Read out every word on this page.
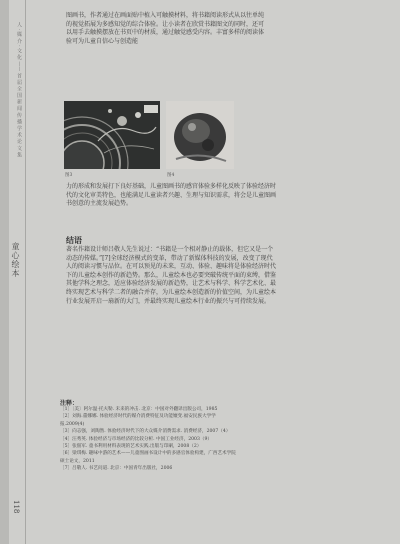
人 · 媒 介 · 文 化 —— 首 届 全 国 新 闻 传 播 学 术 论 文 集
童心绘本
118
图画书，作者通过在画面贴中植入可触摸材料，将书籍阅读形式从以往单纯的视觉拓展为多感知觉的综合体验。让小读者在欣赏书籍图文的同时，还可以用手去触摸摆放在书页中的材质，通过触觉感受内容。丰富多样的阅读体验可为儿童自信心与创造能
图3	图4
力的形成和发展打下良好基础，儿童图画书的感官体验多样化反映了体验经济时代的文化审美特色，也能满足儿童读者兴趣、生理与知识需求，将会是儿童图画书创意的主流发展趋势。
结语
著名作籍设计师吕敬人先生说过：“书籍是一个相对静止的载体，但它又是一个动态的传媒。”[7]全球经济模式的变革，带动了新媒体科技的发展，改变了现代人的阅读习惯与品位。在可以预见的未来，互动、体验、趣味将是体验经济时代下的儿童绘本创作的新趋势。那么，儿童绘本也必要突破传统平面的束缚，借鉴其他学科之理念，适应体验经济发展的新趋势，让艺术与科学、科学艺术化、最终实现艺术与科学二者的融合并存，为儿童绘本创造新的价值空间，为儿童绘本行业发展开启一扇新的大门，并最终实现儿童绘本行业的振兴与可持续发展。
注释：

［1］〔美〕阿尔温·托夫勒. 未来的冲击. 北京：中国对外翻译出版公司，1985

［2］刘海.董娜娜. 体验经济时代的媒介消费特征及功能嬗变.福安民族大学学报.2009(4)

［3］向志强，刘陶然. 体验经济时代下的大众媒介消费需求. 消费经济，2007（4）

［4］汪秀英. 体验经济与市场经济的比较分析. 中国工业经济，2003（9）

［5］张佃军. 童书利用材料表现的艺术实践.出版与印刷，2008（2）

［6］梁琪梅. 趣味中游的艺术——儿童图画书设计中的多感官体验构建，广西艺术学院硕士论文，2011

［7］吕敬人. 书艺问道. 北京：中国青年出版社，2006
